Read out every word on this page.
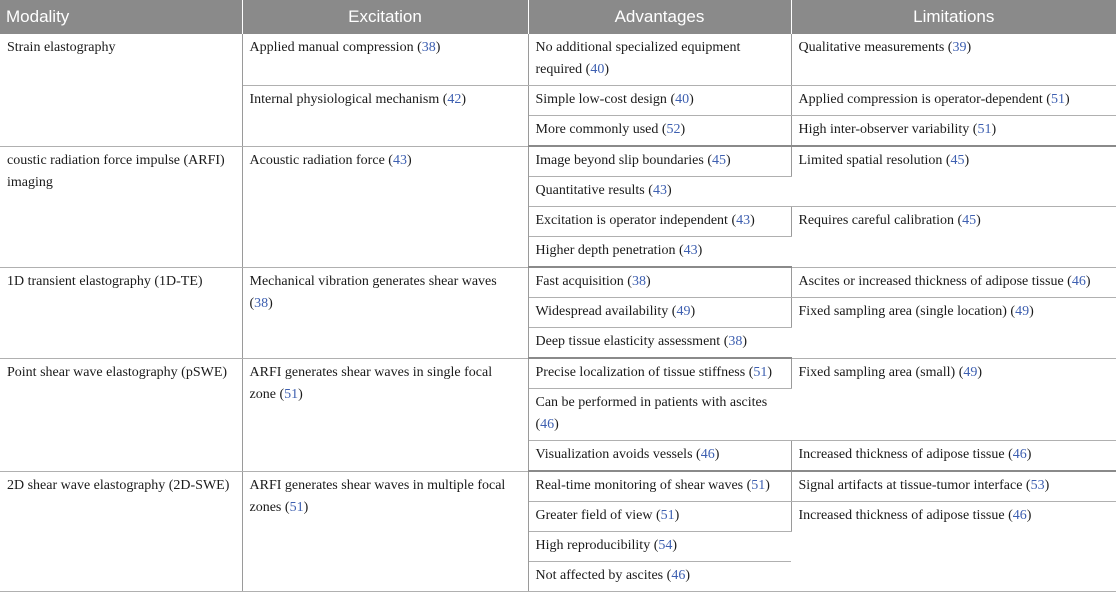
Modality	Excitation	Advantages	Limitations
Strain elastography	Applied manual compression (38)	No additional specialized equipment required (40)	Qualitative measurements (39)
	Internal physiological mechanism (42)	Simple low-cost design (40)	Applied compression is operator-dependent (51)
		More commonly used (52)	High inter-observer variability (51)
coustic radiation force impulse (ARFI) imaging	Acoustic radiation force (43)	Image beyond slip boundaries (45)	Limited spatial resolution (45)
		Quantitative results (43)	
		Excitation is operator independent (43)	Requires careful calibration (45)
		Higher depth penetration (43)	
1D transient elastography (1D-TE)	Mechanical vibration generates shear waves (38)	Fast acquisition (38)	Ascites or increased thickness of adipose tissue (46)
		Widespread availability (49)	Fixed sampling area (single location) (49)
		Deep tissue elasticity assessment (38)	
Point shear wave elastography (pSWE)	ARFI generates shear waves in single focal zone (51)	Precise localization of tissue stiffness (51)	Fixed sampling area (small) (49)
		Can be performed in patients with ascites (46)	
		Visualization avoids vessels (46)	Increased thickness of adipose tissue (46)
2D shear wave elastography (2D-SWE)	ARFI generates shear waves in multiple focal zones (51)	Real-time monitoring of shear waves (51)	Signal artifacts at tissue-tumor interface (53)
		Greater field of view (51)	Increased thickness of adipose tissue (46)
		High reproducibility (54)	
		Not affected by ascites (46)	
